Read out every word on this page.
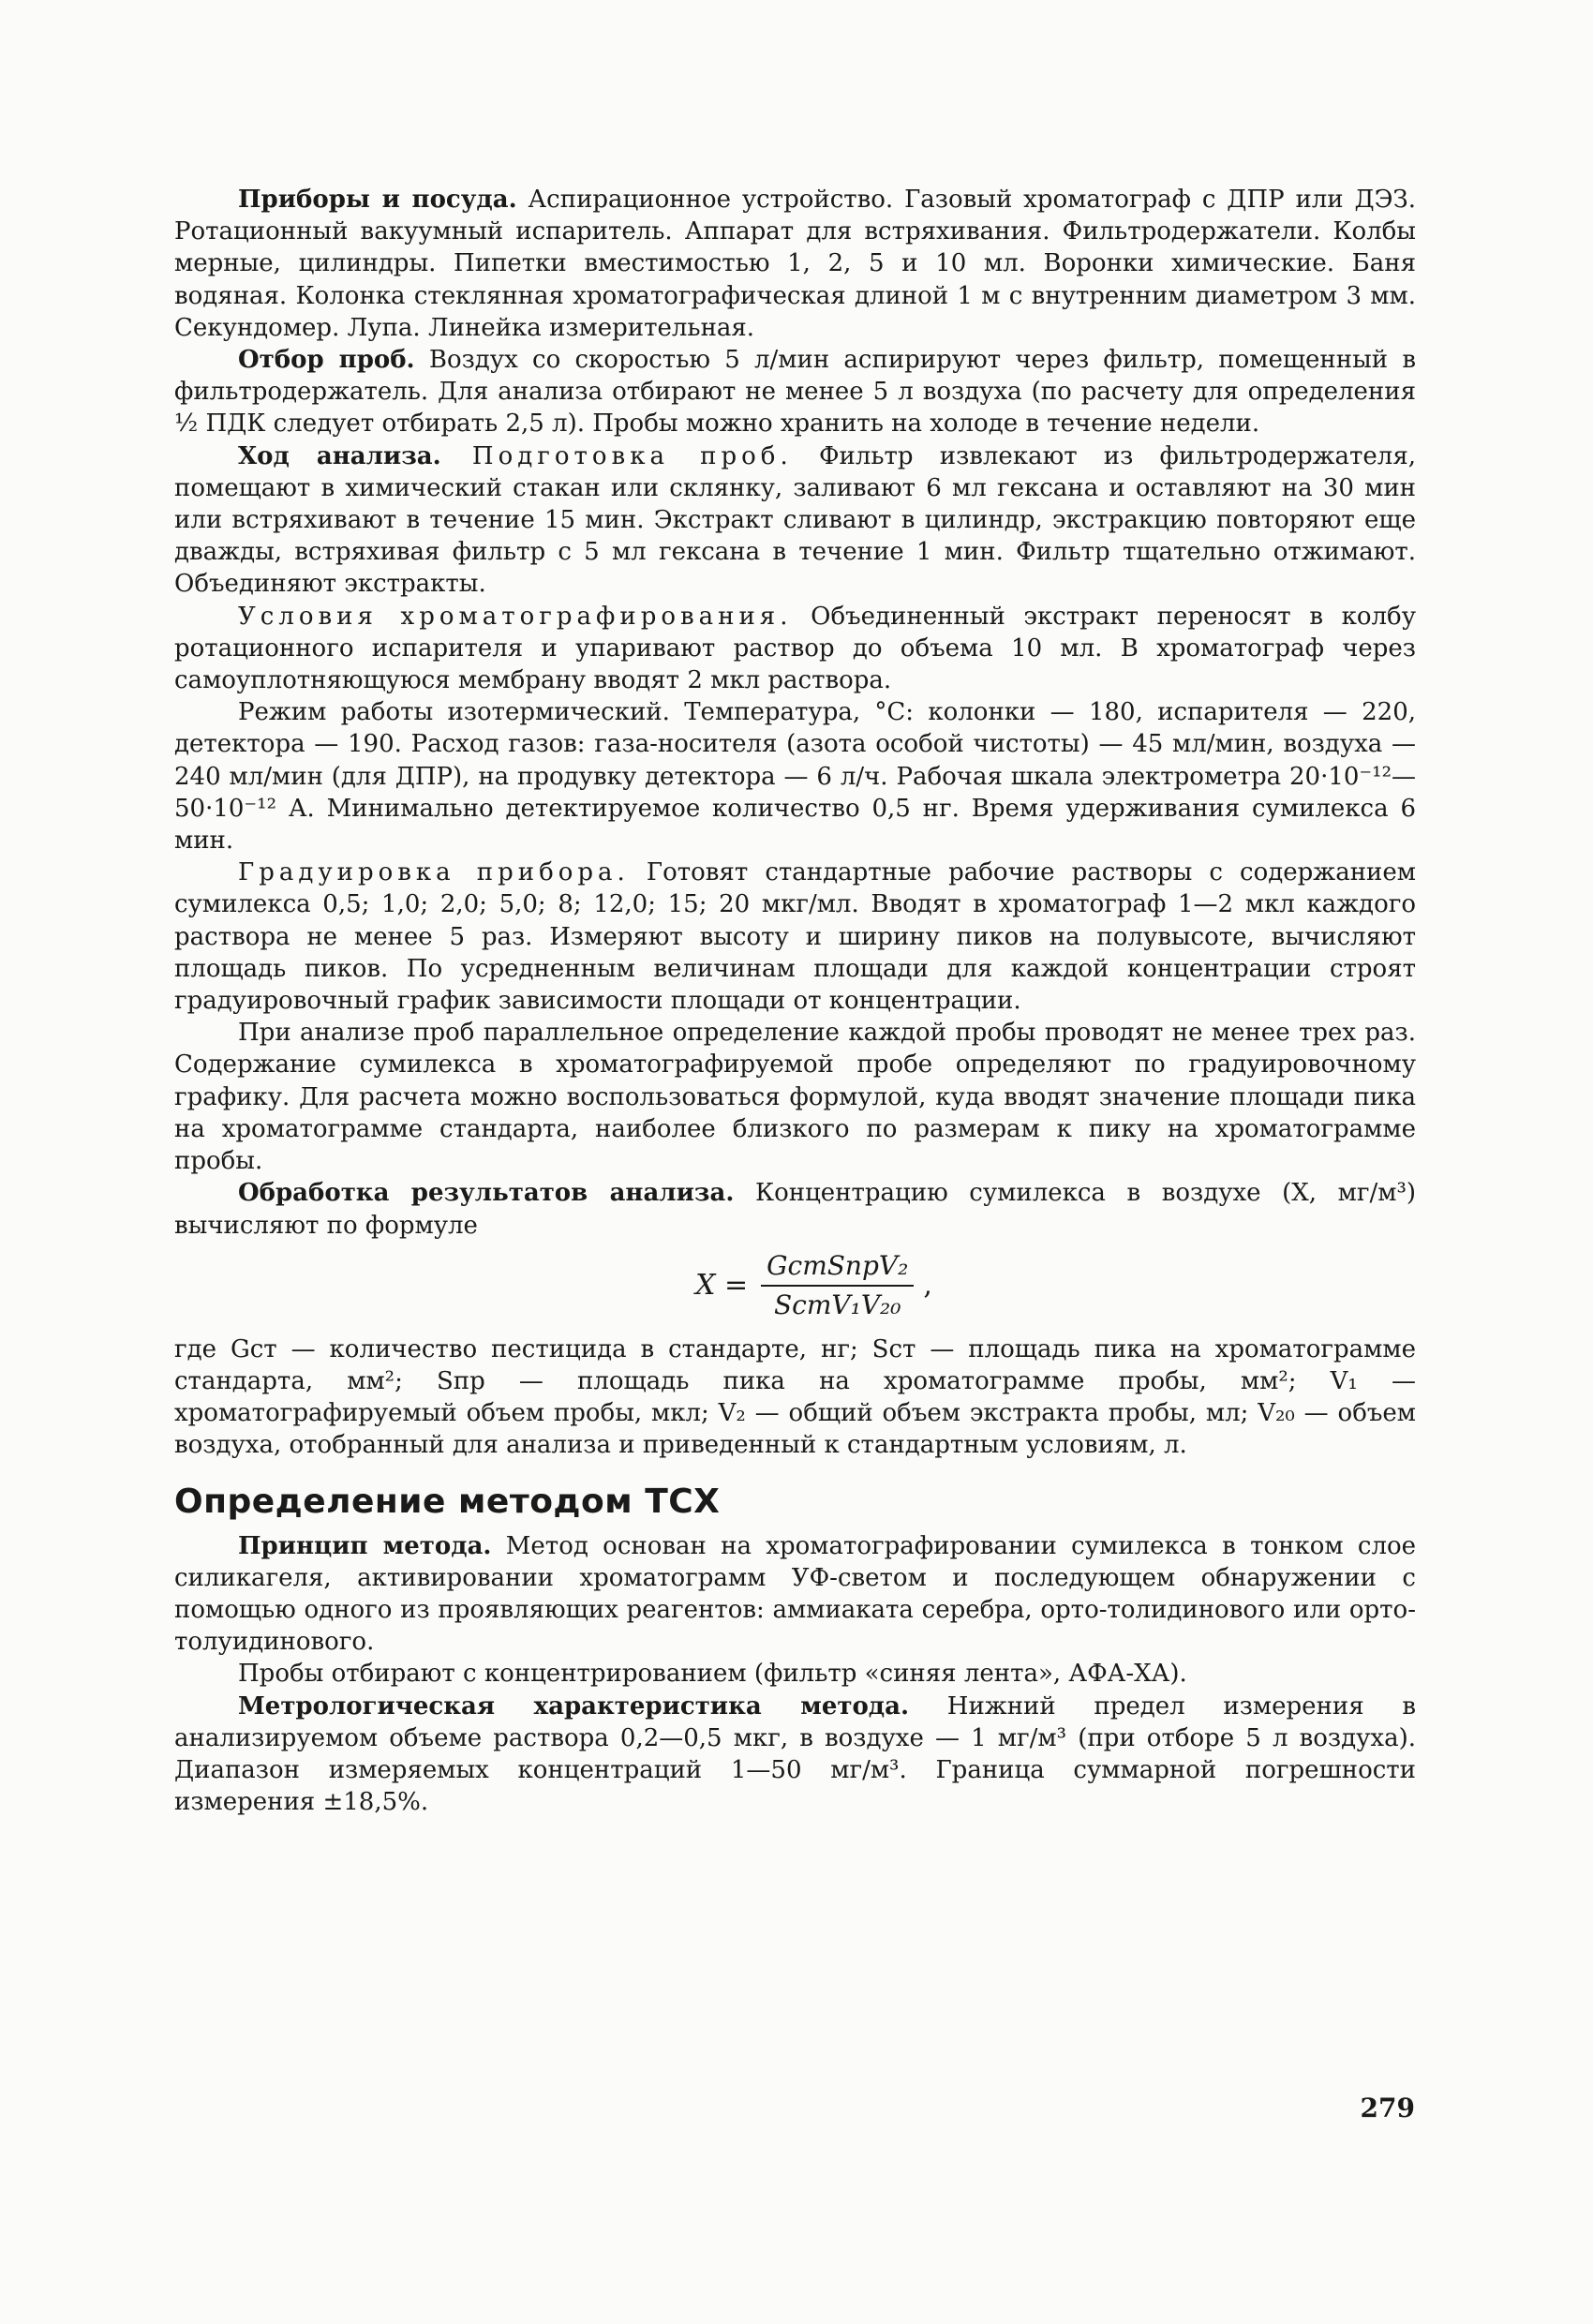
Приборы и посуда. Аспирационное устройство. Газовый хроматограф с ДПР или ДЭЗ. Ротационный вакуумный испаритель. Аппарат для встряхивания. Фильтродержатели. Колбы мерные, цилиндры. Пипетки вместимостью 1, 2, 5 и 10 мл. Воронки химические. Баня водяная. Колонка стеклянная хроматографическая длиной 1 м с внутренним диаметром 3 мм. Секундомер. Лупа. Линейка измерительная.

Отбор проб. Воздух со скоростью 5 л/мин аспирируют через фильтр, помещенный в фильтродержатель. Для анализа отбирают не менее 5 л воздуха (по расчету для определения ½ ПДК следует отбирать 2,5 л). Пробы можно хранить на холоде в течение недели.

Ход анализа. Подготовка проб. Фильтр извлекают из фильтродержателя, помещают в химический стакан или склянку, заливают 6 мл гексана и оставляют на 30 мин или встряхивают в течение 15 мин. Экстракт сливают в цилиндр, экстракцию повторяют еще дважды, встряхивая фильтр с 5 мл гексана в течение 1 мин. Фильтр тщательно отжимают. Объединяют экстракты.

Условия хроматографирования. Объединенный экстракт переносят в колбу ротационного испарителя и упаривают раствор до объема 10 мл. В хроматограф через самоуплотняющуюся мембрану вводят 2 мкл раствора.

Режим работы изотермический. Температура, °С: колонки — 180, испарителя — 220, детектора — 190. Расход газов: газа-носителя (азота особой чистоты) — 45 мл/мин, воздуха — 240 мл/мин (для ДПР), на продувку детектора — 6 л/ч. Рабочая шкала электрометра 20·10⁻¹²—50·10⁻¹² А. Минимально детектируемое количество 0,5 нг. Время удерживания сумилекса 6 мин.

Градуировка прибора. Готовят стандартные рабочие растворы с содержанием сумилекса 0,5; 1,0; 2,0; 5,0; 8; 12,0; 15; 20 мкг/мл. Вводят в хроматограф 1—2 мкл каждого раствора не менее 5 раз. Измеряют высоту и ширину пиков на полувысоте, вычисляют площадь пиков. По усредненным величинам площади для каждой концентрации строят градуировочный график зависимости площади от концентрации.

При анализе проб параллельное определение каждой пробы проводят не менее трех раз. Содержание сумилекса в хроматографируемой пробе определяют по градуировочному графику. Для расчета можно воспользоваться формулой, куда вводят значение площади пика на хроматограмме стандарта, наиболее близкого по размерам к пику на хроматограмме пробы.

Обработка результатов анализа. Концентрацию сумилекса в воздухе (X, мг/м³) вычисляют по формуле

$X = \frac{\text{GстSпрV₂}}{\text{SстV₁V₂₀}}$ ,

где Gст — количество пестицида в стандарте, нг; Sст — площадь пика на хроматограмме стандарта, мм²; Sпр — площадь пика на хроматограмме пробы, мм²; V₁ — хроматографируемый объем пробы, мкл; V₂ — общий объем экстракта пробы, мл; V₂₀ — объем воздуха, отобранный для анализа и приведенный к стандартным условиям, л.

Определение методом ТСХ

Принцип метода. Метод основан на хроматографировании сумилекса в тонком слое силикагеля, активировании хроматограмм УФ-светом и последующем обнаружении с помощью одного из проявляющих реагентов: аммиаката серебра, орто-толидинового или орто-толуидинового.

Пробы отбирают с концентрированием (фильтр «синяя лента», АФА-ХА).

Метрологическая характеристика метода. Нижний предел измерения в анализируемом объеме раствора 0,2—0,5 мкг, в воздухе — 1 мг/м³ (при отборе 5 л воздуха). Диапазон измеряемых концентраций 1—50 мг/м³. Граница суммарной погрешности измерения ±18,5%.

279
